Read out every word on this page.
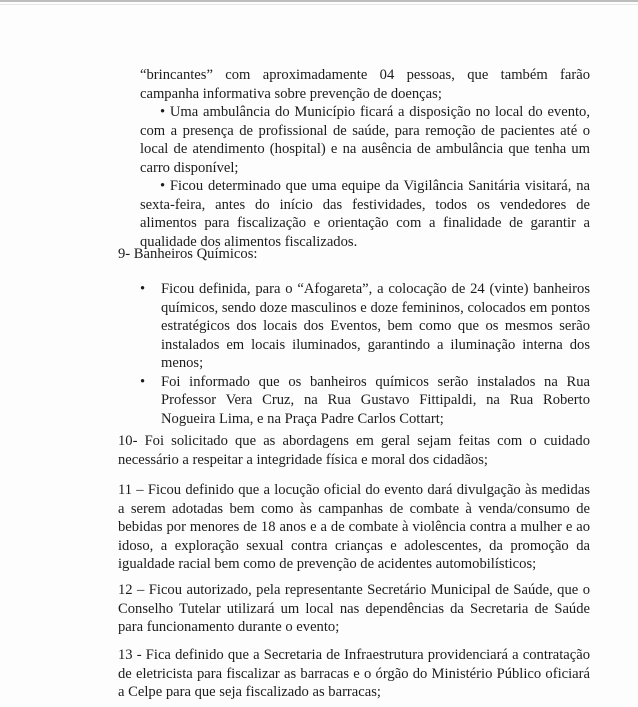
“brincantes” com aproximadamente 04 pessoas, que também farão campanha informativa sobre prevenção de doenças;

• Uma ambulância do Município ficará a disposição no local do evento, com a presença de profissional de saúde, para remoção de pacientes até o local de atendimento (hospital) e na ausência de ambulância que tenha um carro disponível;

• Ficou determinado que uma equipe da Vigilância Sanitária visitará, na sexta-feira, antes do início das festividades, todos os vendedores de alimentos para fiscalização e orientação com a finalidade de garantir a qualidade dos alimentos fiscalizados.

9- Banheiros Químicos:

• Ficou definida, para o “Afogareta”, a colocação de 24 (vinte) banheiros químicos, sendo doze masculinos e doze femininos, colocados em pontos estratégicos dos locais dos Eventos, bem como que os mesmos serão instalados em locais iluminados, garantindo a iluminação interna dos menos;
• Foi informado que os banheiros químicos serão instalados na Rua Professor Vera Cruz, na Rua Gustavo Fittipaldi, na Rua Roberto Nogueira Lima, e na Praça Padre Carlos Cottart;

10- Foi solicitado que as abordagens em geral sejam feitas com o cuidado necessário a respeitar a integridade física e moral dos cidadãos;

11 – Ficou definido que a locução oficial do evento dará divulgação às medidas a serem adotadas bem como às campanhas de combate à venda/consumo de bebidas por menores de 18 anos e a de combate à violência contra a mulher e ao idoso, a exploração sexual contra crianças e adolescentes, da promoção da igualdade racial bem como de prevenção de acidentes automobilísticos;

12 – Ficou autorizado, pela representante Secretário Municipal de Saúde, que o Conselho Tutelar utilizará um local nas dependências da Secretaria de Saúde para funcionamento durante o evento;

13 - Fica definido que a Secretaria de Infraestrutura providenciará a contratação de eletricista para fiscalizar as barracas e o órgão do Ministério Público oficiará a Celpe para que seja fiscalizado as barracas;
